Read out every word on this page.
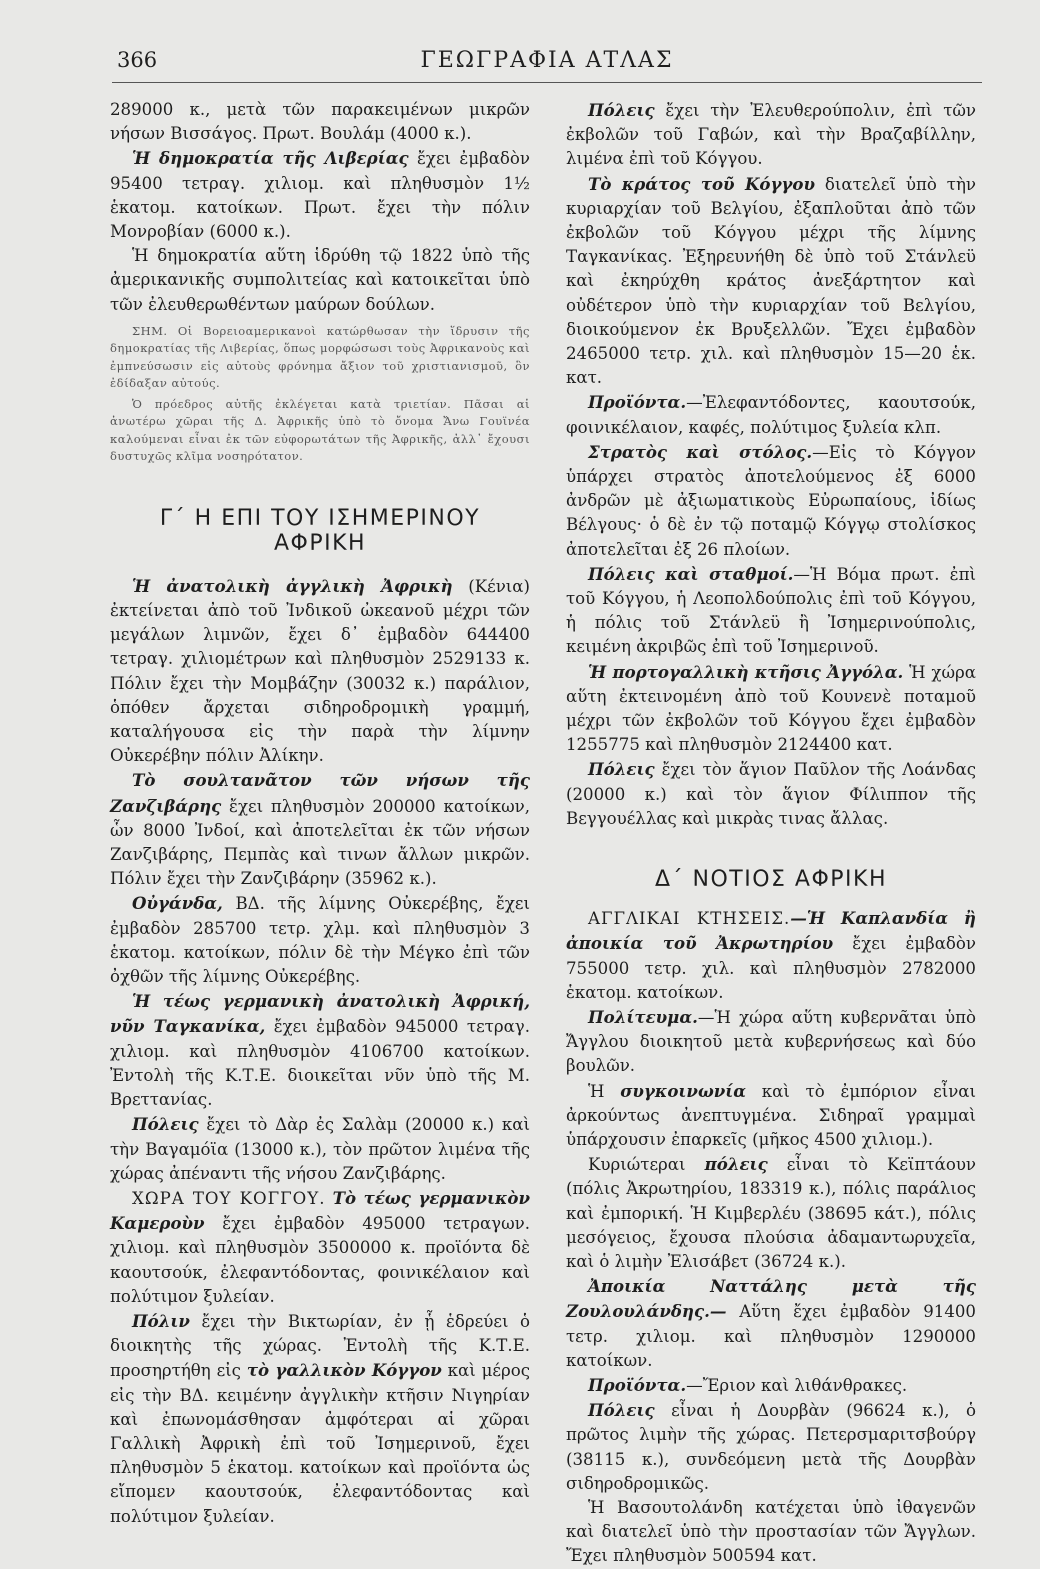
366	ΓΕΩΓΡΑΦΙΑ ΑΤΛΑΣ

289000 κ., μετὰ τῶν παρακειμένων μικρῶν νήσων Βισσάγος. Πρωτ. Βουλάμ (4000 κ.).

Ἡ δημοκρατία τῆς Λιβερίας ἔχει ἐμβαδὸν 95400 τετραγ. χιλιομ. καὶ πληθυσμὸν 1½ ἑκατομ. κατοίκων. Πρωτ. ἔχει τὴν πόλιν Μονροβίαν (6000 κ.).

Ἡ δημοκρατία αὕτη ἱδρύθη τῷ 1822 ὑπὸ τῆς ἀμερικανικῆς συμπολιτείας καὶ κατοικεῖται ὑπὸ τῶν ἐλευθερωθέντων μαύρων δούλων.

ΣΗΜ. Οἱ Βορειοαμερικανοὶ κατώρθωσαν τὴν ἵδρυσιν τῆς δημοκρατίας τῆς Λιβερίας, ὅπως μορφώσωσι τοὺς Ἀφρικανοὺς καὶ ἐμπνεύσωσιν εἰς αὐτοὺς φρόνημα ἄξιον τοῦ χριστιανισμοῦ, ὃν ἐδίδαξαν αὐτούς.

Ὁ πρόεδρος αὐτῆς ἐκλέγεται κατὰ τριετίαν. Πᾶσαι αἱ ἀνωτέρω χῶραι τῆς Δ. Ἀφρικῆς ὑπὸ τὸ ὄνομα Ἄνω Γουϊνέα καλούμεναι εἶναι ἐκ τῶν εὐφορωτάτων τῆς Ἀφρικῆς, ἀλλ᾽ ἔχουσι δυστυχῶς κλῖμα νοσηρότατον.

Γ΄ Η ΕΠΙ ΤΟΥ ΙΣΗΜΕΡΙΝΟΥ ΑΦΡΙΚΗ

Ἡ ἀνατολικὴ ἀγγλικὴ Ἀφρικὴ (Κένια) ἐκτείνεται ἀπὸ τοῦ Ἰνδικοῦ ὠκεανοῦ μέχρι τῶν μεγάλων λιμνῶν, ἔχει δ᾽ ἐμβαδὸν 644400 τετραγ. χιλιομέτρων καὶ πληθυσμὸν 2529133 κ. Πόλιν ἔχει τὴν Μομβάζην (30032 κ.) παράλιον, ὁπόθεν ἄρχεται σιδηροδρομικὴ γραμμή, καταλήγουσα εἰς τὴν παρὰ τὴν λίμνην Οὐκερέβην πόλιν Ἀλίκην.

Τὸ σουλτανᾶτον τῶν νήσων τῆς Ζανζιβάρης ἔχει πληθυσμὸν 200000 κατοίκων, ὧν 8000 Ἰνδοί, καὶ ἀποτελεῖται ἐκ τῶν νήσων Ζανζιβάρης, Πεμπὰς καὶ τινων ἄλλων μικρῶν. Πόλιν ἔχει τὴν Ζανζιβάρην (35962 κ.).

Οὐγάνδα, ΒΔ. τῆς λίμνης Οὐκερέβης, ἔχει ἐμβαδὸν 285700 τετρ. χλμ. καὶ πληθυσμὸν 3 ἑκατομ. κατοίκων, πόλιν δὲ τὴν Μέγκο ἐπὶ τῶν ὀχθῶν τῆς λίμνης Οὐκερέβης.

Ἡ τέως γερμανικὴ ἀνατολικὴ Ἀφρική, νῦν Ταγκανίκα, ἔχει ἐμβαδὸν 945000 τετραγ. χιλιομ. καὶ πληθυσμὸν 4106700 κατοίκων. Ἐντολὴ τῆς Κ.Τ.Ε. διοικεῖται νῦν ὑπὸ τῆς Μ. Βρεττανίας.

Πόλεις ἔχει τὸ Δὰρ ἐς Σαλὰμ (20000 κ.) καὶ τὴν Βαγαμόϊα (13000 κ.), τὸν πρῶτον λιμένα τῆς χώρας ἀπέναντι τῆς νήσου Ζανζιβάρης.

ΧΩΡΑ ΤΟΥ ΚΟΓΓΟΥ. Τὸ τέως γερμανικὸν Καμεροὺν ἔχει ἐμβαδὸν 495000 τετραγων. χιλιομ. καὶ πληθυσμὸν 3500000 κ. προϊόντα δὲ καουτσούκ, ἐλεφαντόδοντας, φοινικέλαιον καὶ πολύτιμον ξυλείαν.

Πόλιν ἔχει τὴν Βικτωρίαν, ἐν ᾗ ἑδρεύει ὁ διοικητὴς τῆς χώρας. Ἐντολὴ τῆς Κ.Τ.Ε. προσηρτήθη εἰς τὸ γαλλικὸν Κόγγον καὶ μέρος εἰς τὴν ΒΔ. κειμένην ἀγγλικὴν κτῆσιν Νιγηρίαν καὶ ἐπωνομάσθησαν ἀμφότεραι αἱ χῶραι Γαλλικὴ Ἀφρικὴ ἐπὶ τοῦ Ἰσημερινοῦ, ἔχει πληθυσμὸν 5 ἑκατομ. κατοίκων καὶ προϊόντα ὡς εἴπομεν καουτσούκ, ἐλεφαντόδοντας καὶ πολύτιμον ξυλείαν.

Πόλεις ἔχει τὴν Ἐλευθερούπολιν, ἐπὶ τῶν ἐκβολῶν τοῦ Γαβών, καὶ τὴν Βραζαβίλλην, λιμένα ἐπὶ τοῦ Κόγγου.

Τὸ κράτος τοῦ Κόγγου διατελεῖ ὑπὸ τὴν κυριαρχίαν τοῦ Βελγίου, ἐξαπλοῦται ἀπὸ τῶν ἐκβολῶν τοῦ Κόγγου μέχρι τῆς λίμνης Ταγκανίκας. Ἐξηρευνήθη δὲ ὑπὸ τοῦ Στάνλεϋ καὶ ἐκηρύχθη κράτος ἀνεξάρτητον καὶ οὐδέτερον ὑπὸ τὴν κυριαρχίαν τοῦ Βελγίου, διοικούμενον ἐκ Βρυξελλῶν. Ἔχει ἐμβαδὸν 2465000 τετρ. χιλ. καὶ πληθυσμὸν 15—20 ἑκ. κατ.

Προϊόντα.—Ἐλεφαντόδοντες, καουτσούκ, φοινικέλαιον, καφές, πολύτιμος ξυλεία κλπ.

Στρατὸς καὶ στόλος.—Εἰς τὸ Κόγγον ὑπάρχει στρατὸς ἀποτελούμενος ἐξ 6000 ἀνδρῶν μὲ ἀξιωματικοὺς Εὐρωπαίους, ἰδίως Βέλγους· ὁ δὲ ἐν τῷ ποταμῷ Κόγγῳ στολίσκος ἀποτελεῖται ἐξ 26 πλοίων.

Πόλεις καὶ σταθμοί.—Ἡ Βόμα πρωτ. ἐπὶ τοῦ Κόγγου, ἡ Λεοπολδούπολις ἐπὶ τοῦ Κόγγου, ἡ πόλις τοῦ Στάνλεϋ ἢ Ἰσημερινούπολις, κειμένη ἀκριβῶς ἐπὶ τοῦ Ἰσημερινοῦ.

Ἡ πορτογαλλικὴ κτῆσις Ἀγγόλα. Ἡ χώρα αὕτη ἐκτεινομένη ἀπὸ τοῦ Κουνενὲ ποταμοῦ μέχρι τῶν ἐκβολῶν τοῦ Κόγγου ἔχει ἐμβαδὸν 1255775 καὶ πληθυσμὸν 2124400 κατ.

Πόλεις ἔχει τὸν ἅγιον Παῦλον τῆς Λοάνδας (20000 κ.) καὶ τὸν ἅγιον Φίλιππον τῆς Βεγγουέλλας καὶ μικρὰς τινας ἄλλας.

Δ΄ ΝΟΤΙΟΣ ΑΦΡΙΚΗ

ΑΓΓΛΙΚΑΙ ΚΤΗΣΕΙΣ.—Ἡ Καπλανδία ἢ ἀποικία τοῦ Ἀκρωτηρίου ἔχει ἐμβαδὸν 755000 τετρ. χιλ. καὶ πληθυσμὸν 2782000 ἑκατομ. κατοίκων.

Πολίτευμα.—Ἡ χώρα αὕτη κυβερνᾶται ὑπὸ Ἄγγλου διοικητοῦ μετὰ κυβερνήσεως καὶ δύο βουλῶν.

Ἡ συγκοινωνία καὶ τὸ ἐμπόριον εἶναι ἀρκούντως ἀνεπτυγμένα. Σιδηραῖ γραμμαὶ ὑπάρχουσιν ἐπαρκεῖς (μῆκος 4500 χιλιομ.).

Κυριώτεραι πόλεις εἶναι τὸ Κεϊπτάουν (πόλις Ἀκρωτηρίου, 183319 κ.), πόλις παράλιος καὶ ἐμπορική. Ἡ Κιμβερλέυ (38695 κάτ.), πόλις μεσόγειος, ἔχουσα πλούσια ἀδαμαντωρυχεῖα, καὶ ὁ λιμὴν Ἐλισάβετ (36724 κ.).

Ἀποικία Ναττάλης μετὰ τῆς Ζουλουλάνδης.— Αὕτη ἔχει ἐμβαδὸν 91400 τετρ. χιλιομ. καὶ πληθυσμὸν 1290000 κατοίκων.

Προϊόντα.—Ἔριον καὶ λιθάνθρακες.

Πόλεις εἶναι ἡ Δουρβὰν (96624 κ.), ὁ πρῶτος λιμὴν τῆς χώρας. Πετερσμαριτσβούργ (38115 κ.), συνδεόμενη μετὰ τῆς Δουρβὰν σιδηροδρομικῶς.

Ἡ Βασουτολάνδη κατέχεται ὑπὸ ἰθαγενῶν καὶ διατελεῖ ὑπὸ τὴν προστασίαν τῶν Ἄγγλων. Ἔχει πληθυσμὸν 500594 κατ.
